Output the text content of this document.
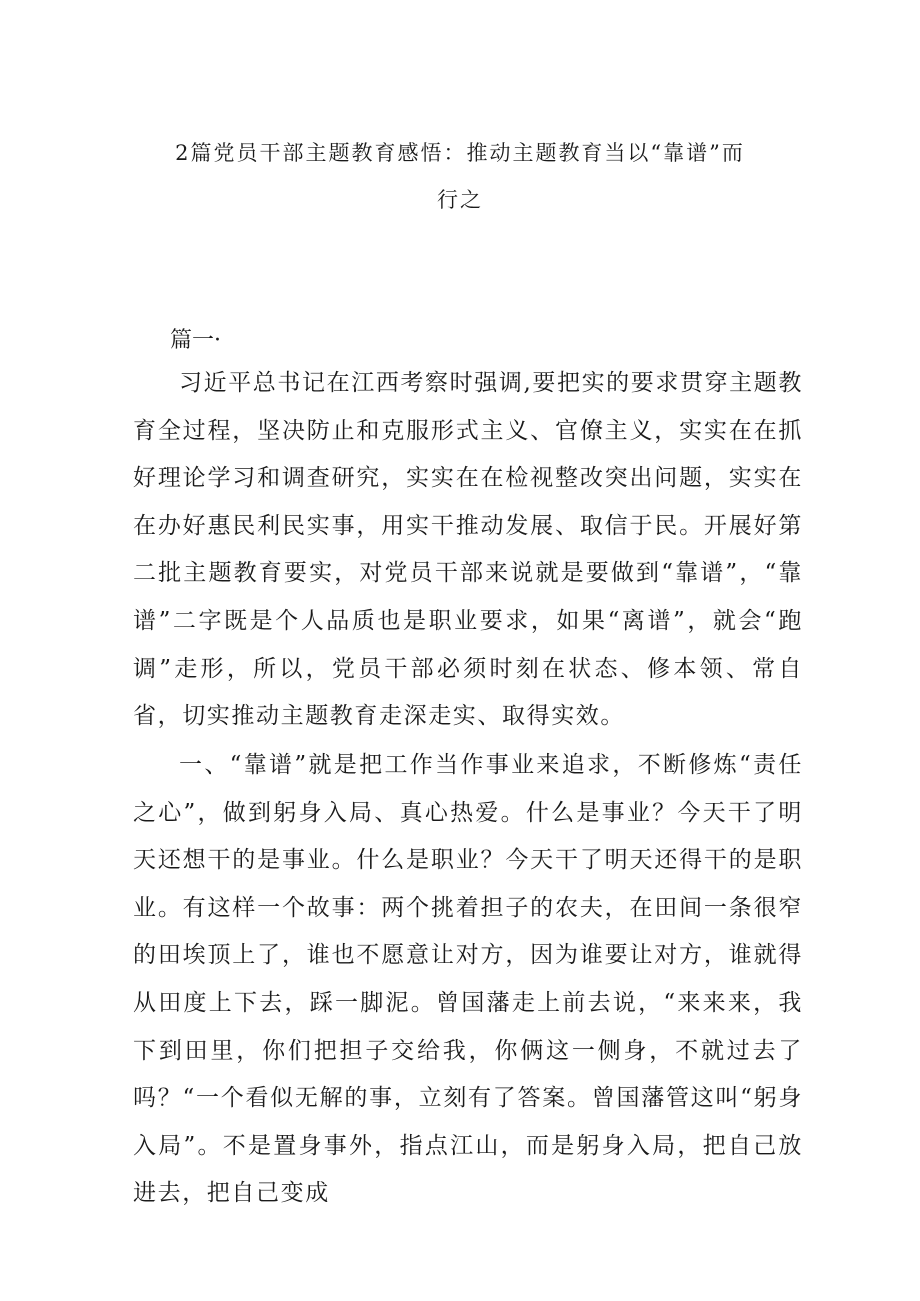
2篇党员干部主题教育感悟：推动主题教育当以“靠谱”而
行之

篇一·

习近平总书记在江西考察时强调,要把实的要求贯穿主题教育全过程，坚决防止和克服形式主义、官僚主义，实实在在抓好理论学习和调查研究，实实在在检视整改突出问题，实实在在办好惠民利民实事，用实干推动发展、取信于民。开展好第二批主题教育要实，对党员干部来说就是要做到“靠谱”，“靠谱”二字既是个人品质也是职业要求，如果“离谱”，就会“跑调”走形，所以，党员干部必须时刻在状态、修本领、常自省，切实推动主题教育走深走实、取得实效。

一、“靠谱”就是把工作当作事业来追求，不断修炼“责任之心”，做到躬身入局、真心热爱。什么是事业？今天干了明天还想干的是事业。什么是职业？今天干了明天还得干的是职业。有这样一个故事：两个挑着担子的农夫，在田间一条很窄的田埃顶上了，谁也不愿意让对方，因为谁要让对方，谁就得从田度上下去，踩一脚泥。曾国藩走上前去说，“来来来，我下到田里，你们把担子交给我，你俩这一侧身，不就过去了吗？“一个看似无解的事，立刻有了答案。曾国藩管这叫“躬身入局”。不是置身事外，指点江山，而是躬身入局，把自己放进去，把自己变成
